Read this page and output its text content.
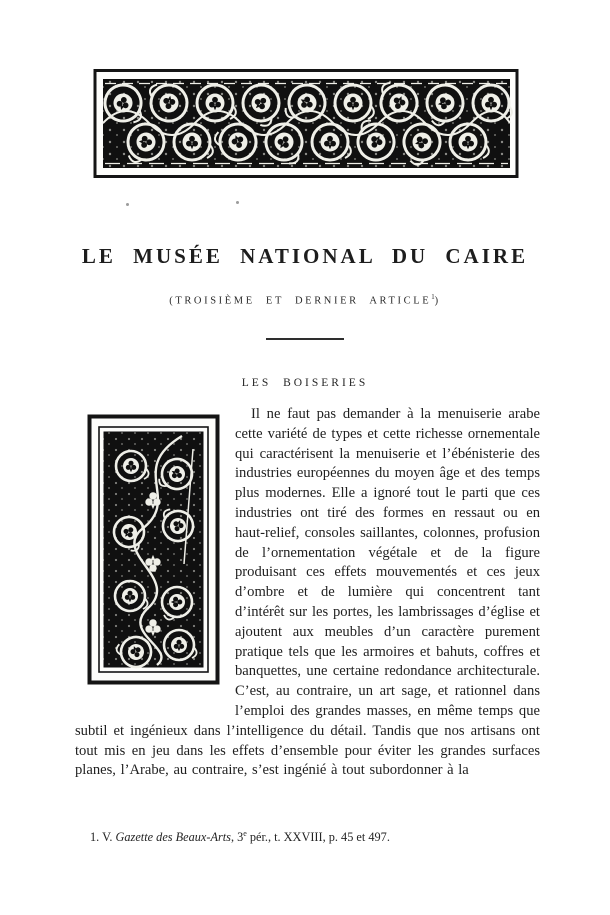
LE MUSÉE NATIONAL DU CAIRE
(TROISIÈME ET DERNIER ARTICLE$^1$)
LES BOISERIES

Il ne faut pas demander à la menuiserie arabe cette variété de types et cette richesse ornementale qui caractérisent la menuiserie et l’ébénisterie des industries européennes du moyen âge et des temps plus modernes. Elle a ignoré tout le parti que ces industries ont tiré des formes en ressaut ou en haut-relief, consoles saillantes, colonnes, profusion de l’ornementation végétale et de la figure produisant ces effets mouvementés et ces jeux d’ombre et de lumière qui concentrent tant d’intérêt sur les portes, les lambrissages d’église et ajoutent aux meubles d’un caractère purement pratique tels que les armoires et bahuts, coffres et banquettes, une certaine redondance architecturale. C’est, au contraire, un art sage, et rationnel dans l’emploi des grandes masses, en même temps que subtil et ingénieux dans l’intelligence du détail. Tandis que nos artisans ont tout mis en jeu dans les effets d’ensemble pour éviter les grandes surfaces planes, l’Arabe, au contraire, s’est ingénié à tout subordonner à la

1. V. Gazette des Beaux-Arts, 3e pér., t. XXVIII, p. 45 et 497.
